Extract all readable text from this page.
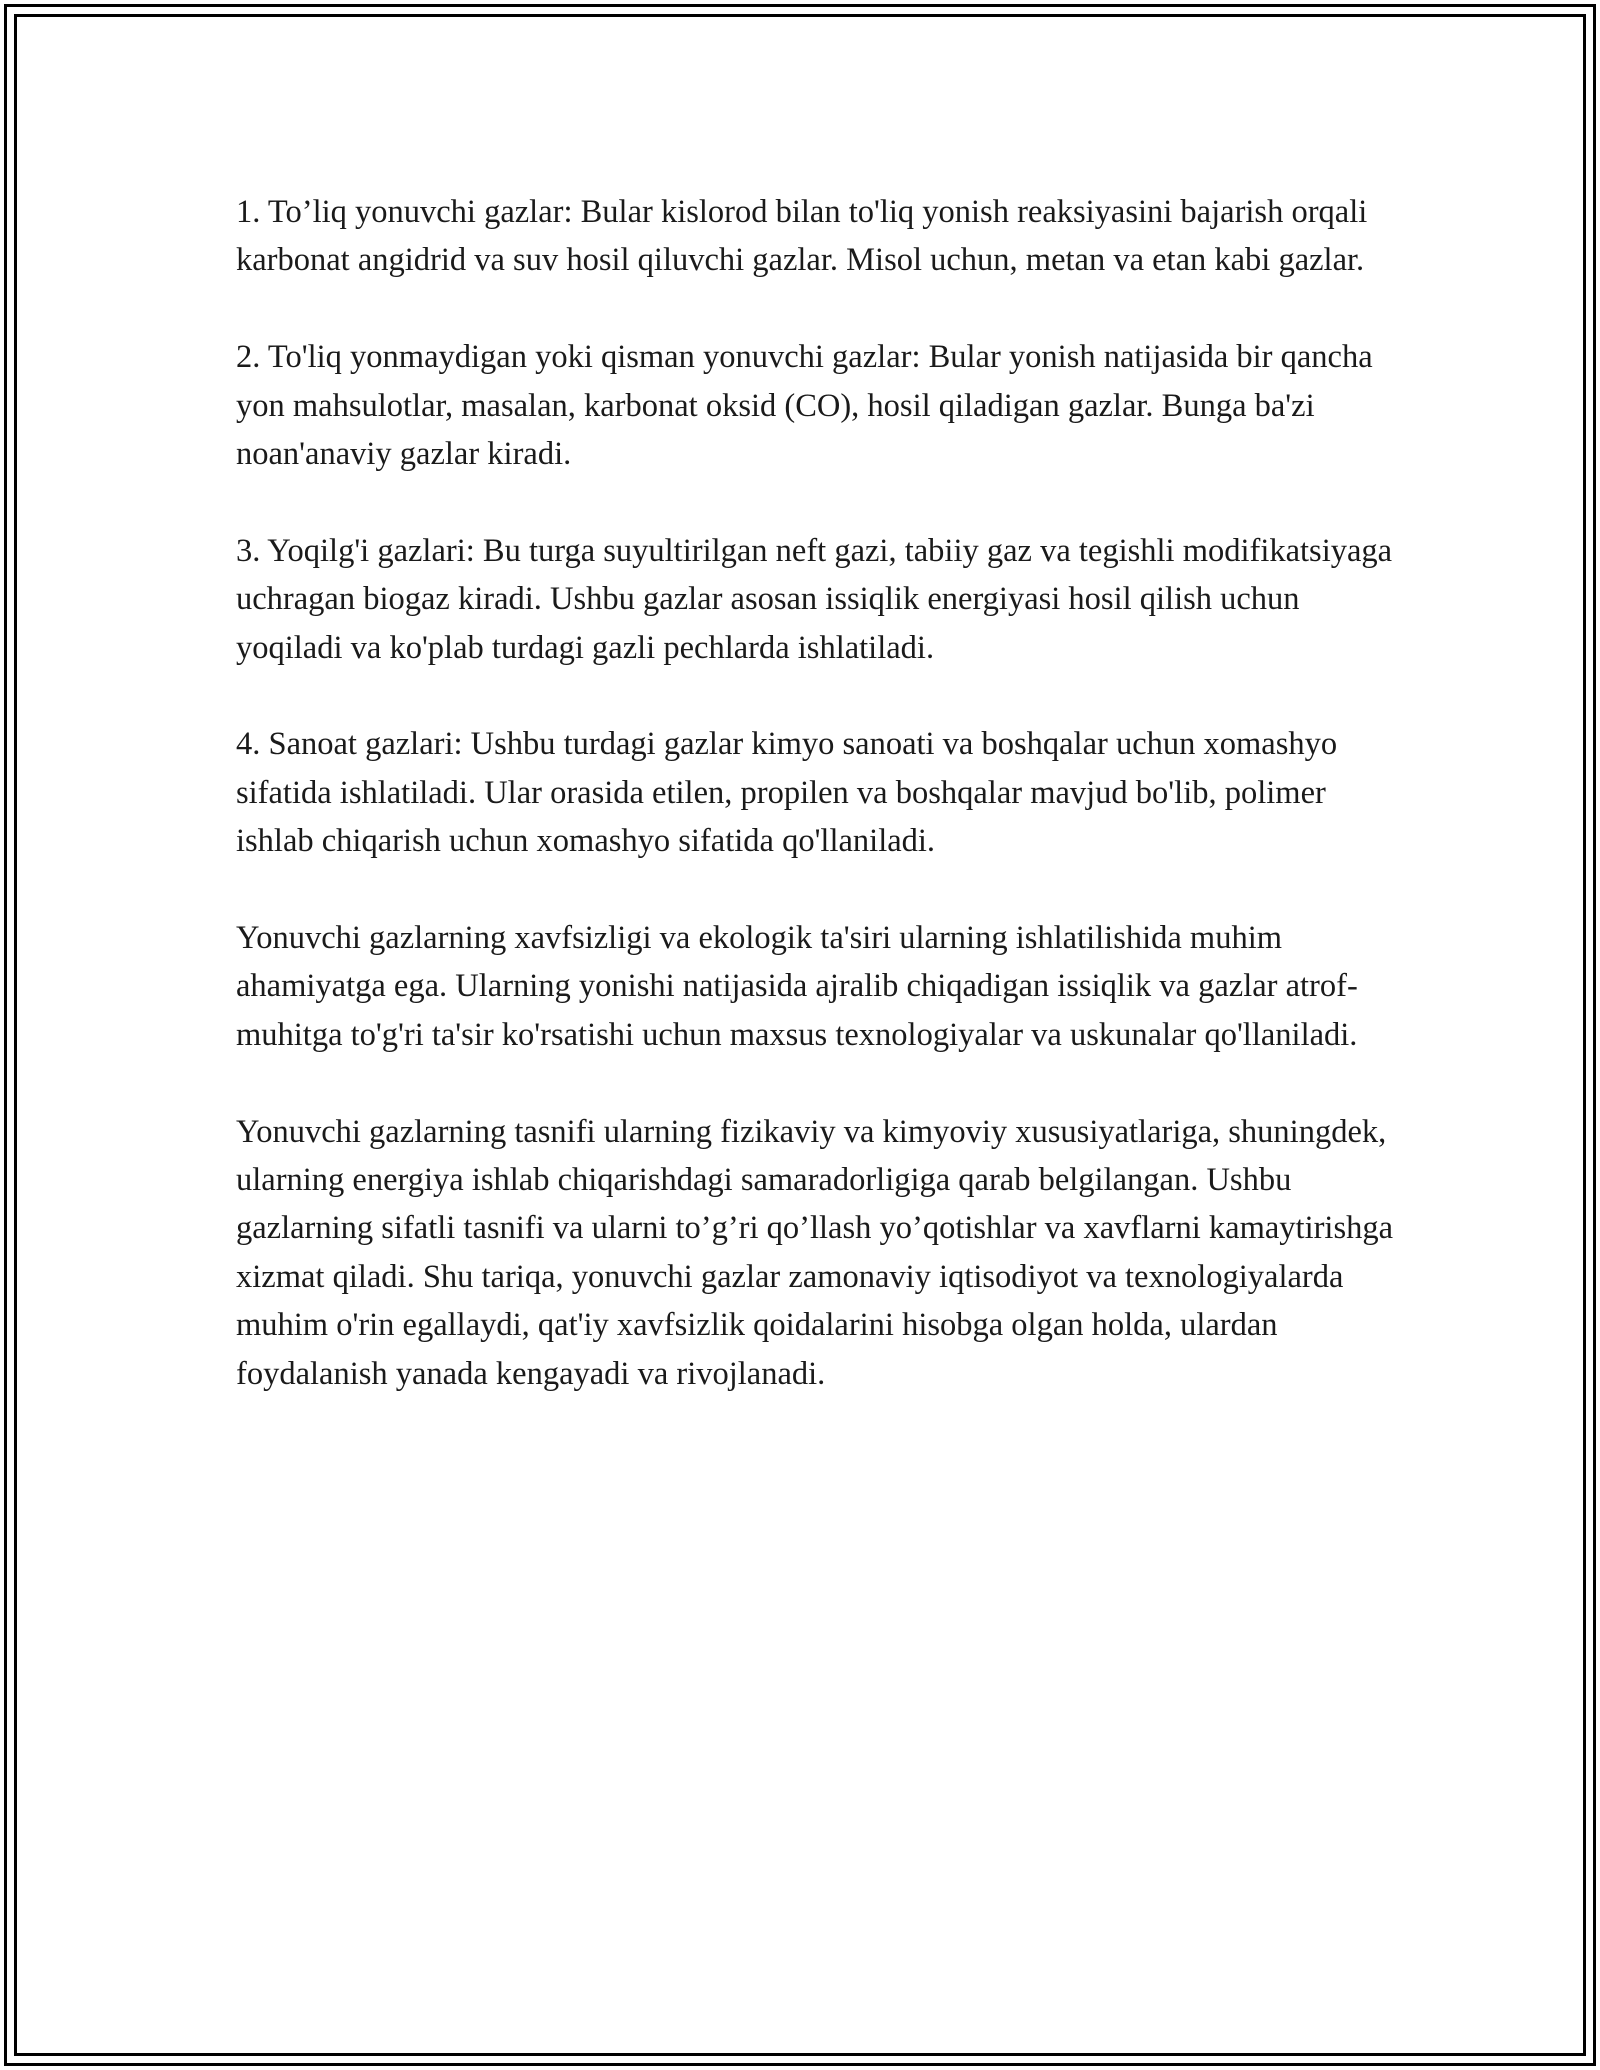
1. To’liq yonuvchi gazlar: Bular kislorod bilan to'liq yonish reaksiyasini bajarish orqali karbonat angidrid va suv hosil qiluvchi gazlar. Misol uchun, metan va etan kabi gazlar.

2. To'liq yonmaydigan yoki qisman yonuvchi gazlar: Bular yonish natijasida bir qancha yon mahsulotlar, masalan, karbonat oksid (CO), hosil qiladigan gazlar. Bunga ba'zi noan'anaviy gazlar kiradi.

3. Yoqilg'i gazlari: Bu turga suyultirilgan neft gazi, tabiiy gaz va tegishli modifikatsiyaga uchragan biogaz kiradi. Ushbu gazlar asosan issiqlik energiyasi hosil qilish uchun yoqiladi va ko'plab turdagi gazli pechlarda ishlatiladi.

4. Sanoat gazlari: Ushbu turdagi gazlar kimyo sanoati va boshqalar uchun xomashyo sifatida ishlatiladi. Ular orasida etilen, propilen va boshqalar mavjud bo'lib, polimer ishlab chiqarish uchun xomashyo sifatida qo'llaniladi.

Yonuvchi gazlarning xavfsizligi va ekologik ta'siri ularning ishlatilishida muhim ahamiyatga ega. Ularning yonishi natijasida ajralib chiqadigan issiqlik va gazlar atrof-muhitga to'g'ri ta'sir ko'rsatishi uchun maxsus texnologiyalar va uskunalar qo'llaniladi.

Yonuvchi gazlarning tasnifi ularning fizikaviy va kimyoviy xususiyatlariga, shuningdek, ularning energiya ishlab chiqarishdagi samaradorligiga qarab belgilangan. Ushbu gazlarning sifatli tasnifi va ularni to’g’ri qo’llash yo’qotishlar va xavflarni kamaytirishga xizmat qiladi. Shu tariqa, yonuvchi gazlar zamonaviy iqtisodiyot va texnologiyalarda muhim o'rin egallaydi, qat'iy xavfsizlik qoidalarini hisobga olgan holda, ulardan foydalanish yanada kengayadi va rivojlanadi.
